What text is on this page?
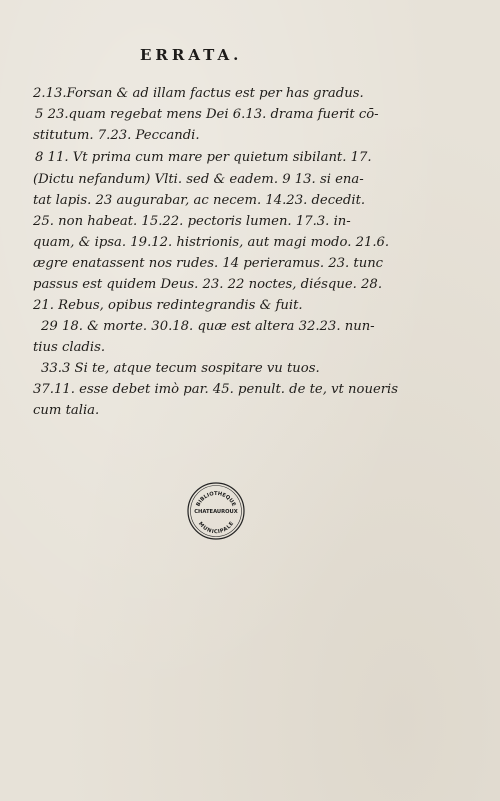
ERRATA.
2.13.Forsan & ad illam factus est per has gradus.
5 23.quam regebat mens Dei 6.13. drama fuerit cō-
stitutum. 7.23. Peccandi.
8 11. Vt prima cum mare per quietum sibilant. 17.
(Dictu nefandum) Vlti. sed & eadem. 9 13. si ena-
tat lapis. 23 augurabar, ac necem. 14.23. decedit.
25. non habeat. 15.22. pectoris lumen. 17.3. in-
quam, & ipsa. 19.12. histrionis, aut magi modo. 21.6.
ægre enatassent nos rudes. 14 perieramus. 23. tunc
passus est quidem Deus. 23. 22 noctes, diésque. 28.
21. Rebus, opibus redintegrandis & fuit.
29 18. & morte. 30.18. quæ est altera 32.23. nun-
tius cladis.
33.3 Si te, atque tecum sospitare vu tuos.
37.11. esse debet imò par. 45. penult. de te, vt noueris
cum talia.
BIBLIOTHEQUE
CHATEAUROUX
MUNICIPALE
